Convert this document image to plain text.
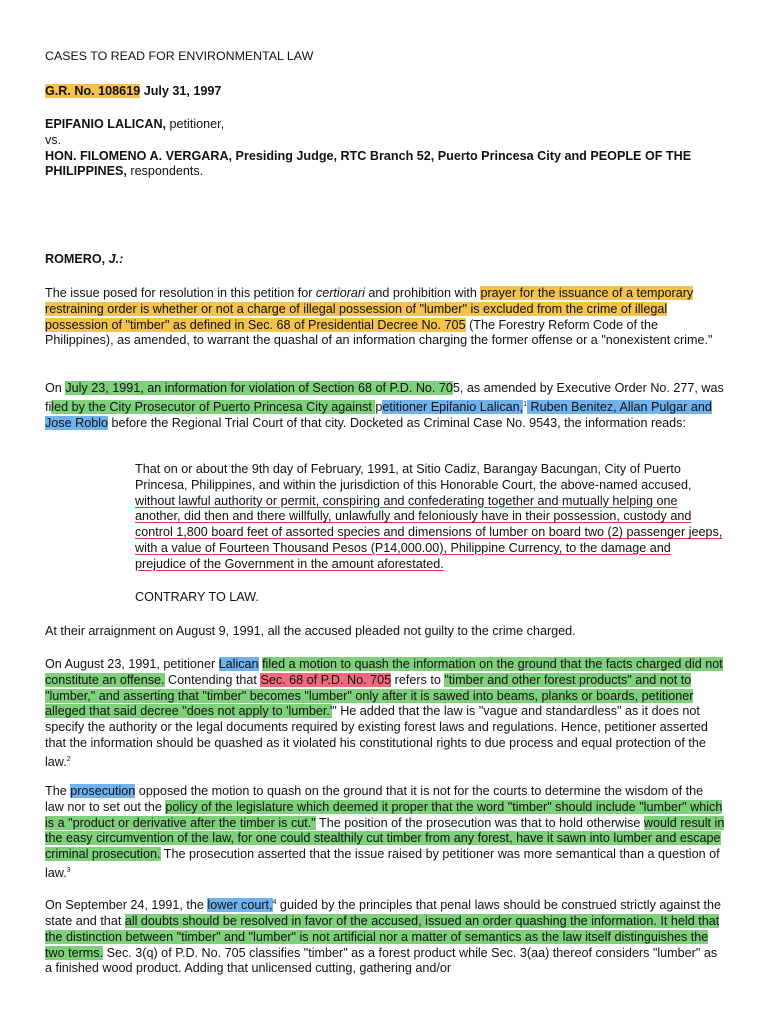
CASES TO READ FOR ENVIRONMENTAL LAW

G.R. No. 108619 July 31, 1997

EPIFANIO LALICAN, petitioner,
vs.
HON. FILOMENO A. VERGARA, Presiding Judge, RTC Branch 52, Puerto Princesa City and PEOPLE OF THE PHILIPPINES, respondents.

ROMERO, J.:

The issue posed for resolution in this petition for certiorari and prohibition with prayer for the issuance of a temporary restraining order is whether or not a charge of illegal possession of "lumber" is excluded from the crime of illegal possession of "timber" as defined in Sec. 68 of Presidential Decree No. 705 (The Forestry Reform Code of the Philippines), as amended, to warrant the quashal of an information charging the former offense or a "nonexistent crime."

On July 23, 1991, an information for violation of Section 68 of P.D. No. 705, as amended by Executive Order No. 277, was filed by the City Prosecutor of Puerto Princesa City against petitioner Epifanio Lalican,$^1$ Ruben Benitez, Allan Pulgar and Jose Roblo before the Regional Trial Court of that city. Docketed as Criminal Case No. 9543, the information reads:

That on or about the 9th day of February, 1991, at Sitio Cadiz, Barangay Bacungan, City of Puerto Princesa, Philippines, and within the jurisdiction of this Honorable Court, the above-named accused, without lawful authority or permit, conspiring and confederating together and mutually helping one another, did then and there willfully, unlawfully and feloniously have in their possession, custody and control 1,800 board feet of assorted species and dimensions of lumber on board two (2) passenger jeeps, with a value of Fourteen Thousand Pesos (P14,000.00), Philippine Currency, to the damage and prejudice of the Government in the amount aforestated.

CONTRARY TO LAW.

At their arraignment on August 9, 1991, all the accused pleaded not guilty to the crime charged.

On August 23, 1991, petitioner Lalican filed a motion to quash the information on the ground that the facts charged did not constitute an offense. Contending that Sec. 68 of P.D. No. 705 refers to "timber and other forest products" and not to "lumber," and asserting that "timber" becomes "lumber" only after it is sawed into beams, planks or boards, petitioner alleged that said decree "does not apply to 'lumber.'" He added that the law is "vague and standardless" as it does not specify the authority or the legal documents required by existing forest laws and regulations. Hence, petitioner asserted that the information should be quashed as it violated his constitutional rights to due process and equal protection of the law.$^2$

The prosecution opposed the motion to quash on the ground that it is not for the courts to determine the wisdom of the law nor to set out the policy of the legislature which deemed it proper that the word "timber" should include "lumber" which is a "product or derivative after the timber is cut." The position of the prosecution was that to hold otherwise would result in the easy circumvention of the law, for one could stealthily cut timber from any forest, have it sawn into lumber and escape criminal prosecution. The prosecution asserted that the issue raised by petitioner was more semantical than a question of law.$^3$

On September 24, 1991, the lower court,$^4$ guided by the principles that penal laws should be construed strictly against the state and that all doubts should be resolved in favor of the accused, issued an order quashing the information. It held that the distinction between "timber" and "lumber" is not artificial nor a matter of semantics as the law itself distinguishes the two terms. Sec. 3(q) of P.D. No. 705 classifies "timber" as a forest product while Sec. 3(aa) thereof considers "lumber" as a finished wood product. Adding that unlicensed cutting, gathering and/or
